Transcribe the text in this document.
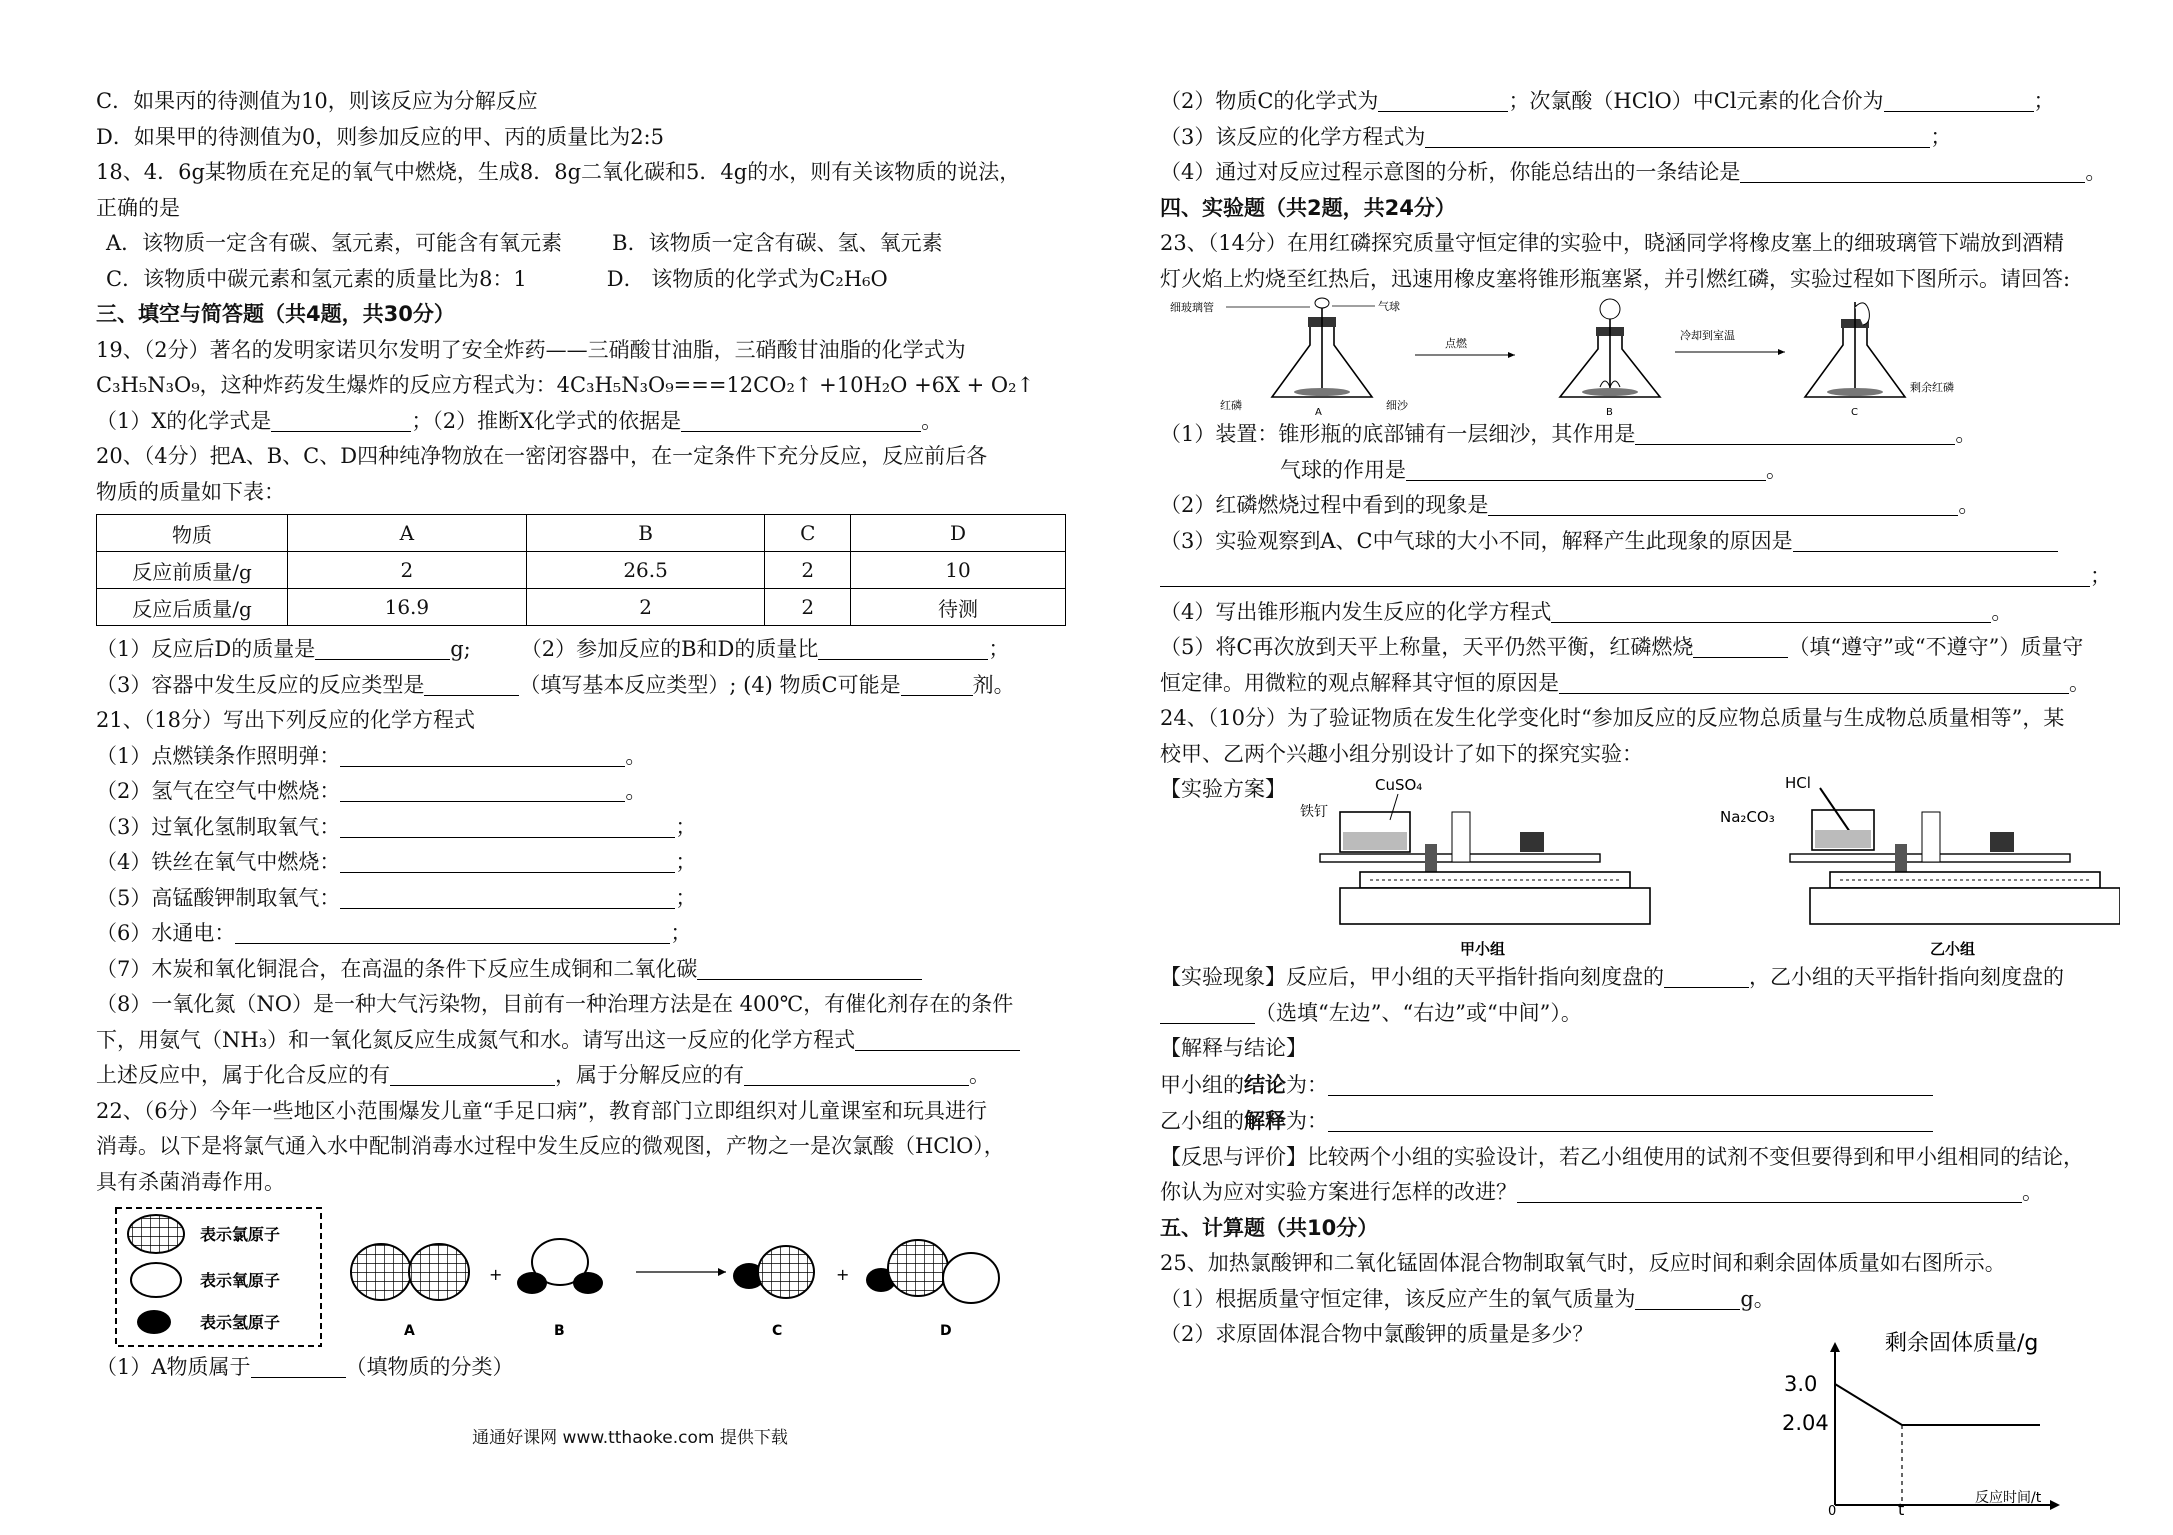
C．如果丙的待测值为10，则该反应为分解反应
D．如果甲的待测值为0，则参加反应的甲、丙的质量比为2:5
18、4．6g某物质在充足的氧气中燃烧，生成8．8g二氧化碳和5．4g的水，则有关该物质的说法，
正确的是
A．该物质一定含有碳、氢元素，可能含有氧元素 B．该物质一定含有碳、氢、氧元素
C．该物质中碳元素和氢元素的质量比为8：1	D． 该物质的化学式为C₂H₆O
三、填空与简答题（共4题，共30分）
19、（2分）著名的发明家诺贝尔发明了安全炸药——三硝酸甘油脂，三硝酸甘油脂的化学式为
C₃H₅N₃O₉，这种炸药发生爆炸的反应方程式为：4C₃H₅N₃O₉===12CO₂↑ +10H₂O +6X + O₂↑
（1）X的化学式是	；（2）推断X化学式的依据是	。
20、（4分）把A、B、C、D四种纯净物放在一密闭容器中，在一定条件下充分反应，反应前后各
物质的质量如下表：
物质	A	B	C	D
反应前质量/g	2	26.5	2	10
反应后质量/g	16.9	2	2	待测
（1）反应后D的质量是	g; （2）参加反应的B和D的质量比	；
（3）容器中发生反应的反应类型是	（填写基本反应类型）; (4) 物质C可能是	剂。
21、（18分）写出下列反应的化学方程式
（1）点燃镁条作照明弹：	。
（2）氢气在空气中燃烧：	。
（3）过氧化氢制取氧气：	；
（4）铁丝在氧气中燃烧：	；
（5）高锰酸钾制取氧气：	；
（6）水通电：	；
（7）木炭和氧化铜混合，在高温的条件下反应生成铜和二氧化碳
（8）一氧化氮（NO）是一种大气污染物，目前有一种治理方法是在 400℃，有催化剂存在的条件
下，用氨气（NH₃）和一氧化氮反应生成氮气和水。请写出这一反应的化学方程式
上述反应中，属于化合反应的有	，属于分解反应的有	。
22、（6分）今年一些地区小范围爆发儿童“手足口病”，教育部门立即组织对儿童课室和玩具进行
消毒。以下是将氯气通入水中配制消毒水过程中发生反应的微观图，产物之一是次氯酸（HClO），
具有杀菌消毒作用。
表示氯原子
表示氧原子
表示氢原子	A
+
B	C
+
D
（1）A物质属于	（填物质的分类）
（2）物质C的化学式为	；次氯酸（HClO）中Cl元素的化合价为	；
（3）该反应的化学方程式为	；
（4）通过对反应过程示意图的分析，你能总结出的一条结论是	。
四、实验题（共2题，共24分）
23、（14分）在用红磷探究质量守恒定律的实验中，晓涵同学将橡皮塞上的细玻璃管下端放到酒精
灯火焰上灼烧至红热后，迅速用橡皮塞将锥形瓶塞紧，并引燃红磷，实验过程如下图所示。请回答:
细玻璃管	气球
红磷	细沙
A
点燃
B
冷却到室温
剩余红磷
C
（1）装置：锥形瓶的底部铺有一层细沙，其作用是	。
气球的作用是	。
（2）红磷燃烧过程中看到的现象是	。
（3）实验观察到A、C中气球的大小不同，解释产生此现象的原因是
；
（4）写出锥形瓶内发生反应的化学方程式	。
（5）将C再次放到天平上称量，天平仍然平衡，红磷燃烧	（填“遵守”或“不遵守”）质量守
恒定律。用微粒的观点解释其守恒的原因是	。
24、（10分）为了验证物质在发生化学变化时“参加反应的反应物总质量与生成物总质量相等”，某
校甲、乙两个兴趣小组分别设计了如下的探究实验：
【实验方案】	CuSO₄
铁钉
甲小组
HCl
Na₂CO₃
乙小组
【实验现象】反应后，甲小组的天平指针指向刻度盘的	，乙小组的天平指针指向刻度盘的
（选填“左边”、“右边”或“中间”）。
【解释与结论】
甲小组的结论为：
乙小组的解释为：
【反思与评价】比较两个小组的实验设计，若乙小组使用的试剂不变但要得到和甲小组相同的结论，
你认为应对实验方案进行怎样的改进？	。
五、计算题（共10分）
25、加热氯酸钾和二氧化锰固体混合物制取氧气时，反应时间和剩余固体质量如右图所示。
（1）根据质量守恒定律，该反应产生的氧气质量为	g。
（2）求原固体混合物中氯酸钾的质量是多少？	剩余固体质量/g
3.0
2.04
0	t
反应时间/t
通通好课网 www.tthaoke.com 提供下载
